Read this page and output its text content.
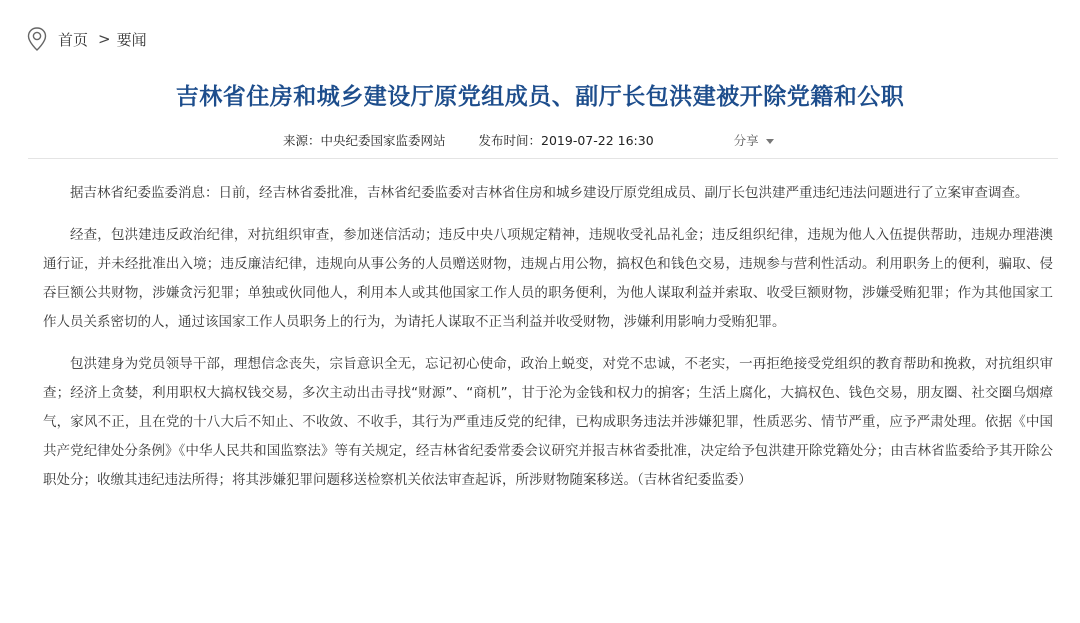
首页 > 要闻
吉林省住房和城乡建设厅原党组成员、副厅长包洪建被开除党籍和公职
来源：中央纪委国家监委网站	发布时间：2019-07-22 16:30	分享

据吉林省纪委监委消息：日前，经吉林省委批准，吉林省纪委监委对吉林省住房和城乡建设厅原党组成员、副厅长包洪建严重违纪违法问题进行了立案审查调查。

经查，包洪建违反政治纪律，对抗组织审查，参加迷信活动；违反中央八项规定精神，违规收受礼品礼金；违反组织纪律，违规为他人入伍提供帮助，违规办理港澳通行证，并未经批准出入境；违反廉洁纪律，违规向从事公务的人员赠送财物，违规占用公物，搞权色和钱色交易，违规参与营利性活动。利用职务上的便利，骗取、侵吞巨额公共财物，涉嫌贪污犯罪；单独或伙同他人，利用本人或其他国家工作人员的职务便利，为他人谋取利益并索取、收受巨额财物，涉嫌受贿犯罪；作为其他国家工作人员关系密切的人，通过该国家工作人员职务上的行为，为请托人谋取不正当利益并收受财物，涉嫌利用影响力受贿犯罪。

包洪建身为党员领导干部，理想信念丧失，宗旨意识全无，忘记初心使命，政治上蜕变，对党不忠诚，不老实，一再拒绝接受党组织的教育帮助和挽救，对抗组织审查；经济上贪婪，利用职权大搞权钱交易，多次主动出击寻找“财源”、“商机”，甘于沦为金钱和权力的掮客；生活上腐化，大搞权色、钱色交易，朋友圈、社交圈乌烟瘴气，家风不正，且在党的十八大后不知止、不收敛、不收手，其行为严重违反党的纪律，已构成职务违法并涉嫌犯罪，性质恶劣、情节严重，应予严肃处理。依据《中国共产党纪律处分条例》《中华人民共和国监察法》等有关规定，经吉林省纪委常委会议研究并报吉林省委批准，决定给予包洪建开除党籍处分；由吉林省监委给予其开除公职处分；收缴其违纪违法所得；将其涉嫌犯罪问题移送检察机关依法审查起诉，所涉财物随案移送。（吉林省纪委监委）
